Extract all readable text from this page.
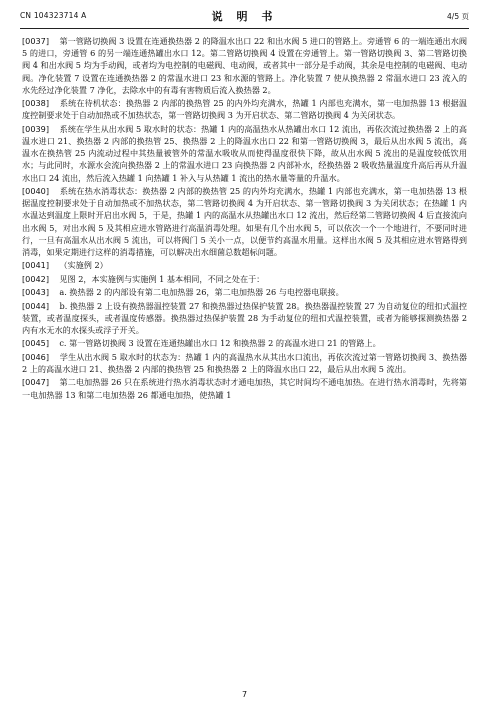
CN 104323714 A	说 明 书	4/5 页

[0037] 第一管路切换阀 3 设置在连通换热器 2 的降温水出口 22 和出水阀 5 进口的管路上。旁通管 6 的一端连通出水阀 5 的进口，旁通管 6 的另一端连通热罐出水口 12。第二管路切换阀 4 设置在旁通管上。第一管路切换阀 3、第二管路切换阀 4 和出水阀 5 均为手动阀，或者均为电控制的电磁阀、电动阀，或者其中一部分是手动阀，其余是电控制的电磁阀、电动阀。净化装置 7 设置在连通换热器 2 的常温水进口 23 和水源的管路上。净化装置 7 使从换热器 2 常温水进口 23 流入的水先经过净化装置 7 净化，去除水中的有毒有害物质后流入换热器 2。

[0038] 系统在待机状态：换热器 2 内部的换热管 25 的内外均充满水，热罐 1 内部也充满水，第一电加热器 13 根据温度控制要求处于自动加热或不加热状态，第一管路切换阀 3 为开启状态、第二管路切换阀 4 为关闭状态。

[0039] 系统在学生从出水阀 5 取水时的状态：热罐 1 内的高温热水从热罐出水口 12 流出，再依次流过换热器 2 上的高温水进口 21、换热器 2 内部的换热管 25、换热器 2 上的降温水出口 22 和第一管路切换阀 3，最后从出水阀 5 流出，高温水在换热管 25 内流动过程中其热量被管外的常温水吸收从而使得温度很快下降，故从出水阀 5 流出的是温度较低饮用水；与此同时，水源水会流向换热器 2 上的常温水进口 23 向换热器 2 内部补水，经换热器 2 吸收热量温度升高后再从升温水出口 24 流出，然后流入热罐 1 向热罐 1 补入与从热罐 1 流出的热水量等量的升温水。

[0040] 系统在热水消毒状态：换热器 2 内部的换热管 25 的内外均充满水，热罐 1 内部也充满水，第一电加热器 13 根据温度控制要求处于自动加热或不加热状态，第二管路切换阀 4 为开启状态、第一管路切换阀 3 为关闭状态；在热罐 1 内水温达到温度上限时开启出水阀 5，于是，热罐 1 内的高温水从热罐出水口 12 流出，然后经第二管路切换阀 4 后直接流向出水阀 5，对出水阀 5 及其相应进水管路进行高温消毒处理。如果有几个出水阀 5，可以依次一个一个地进行，不要同时进行，一旦有高温水从出水阀 5 流出，可以将阀门 5 关小一点，以便节约高温水用量。这样出水阀 5 及其相应进水管路得到消毒，如果定期进行这样的消毒措施，可以解决出水细菌总数超标问题。

[0041] （实施例 2）

[0042] 见图 2，本实施例与实施例 1 基本相同，不同之处在于：

[0043] a. 换热器 2 的内部设有第二电加热器 26，第二电加热器 26 与电控器电联接。

[0044] b. 换热器 2 上设有换热器温控装置 27 和换热器过热保护装置 28。换热器温控装置 27 为自动复位的纽扣式温控装置，或者温度探头，或者温度传感器。换热器过热保护装置 28 为手动复位的纽扣式温控装置，或者为能够探测换热器 2 内有水无水的水探头或浮子开关。

[0045] c. 第一管路切换阀 3 设置在连通热罐出水口 12 和换热器 2 的高温水进口 21 的管路上。

[0046] 学生从出水阀 5 取水时的状态为：热罐 1 内的高温热水从其出水口流出，再依次流过第一管路切换阀 3、换热器 2 上的高温水进口 21、换热器 2 内部的换热管 25 和换热器 2 上的降温水出口 22，最后从出水阀 5 流出。

[0047] 第二电加热器 26 只在系统进行热水消毒状态时才通电加热，其它时间均不通电加热。在进行热水消毒时，先将第一电加热器 13 和第二电加热器 26 都通电加热，使热罐 1

7
